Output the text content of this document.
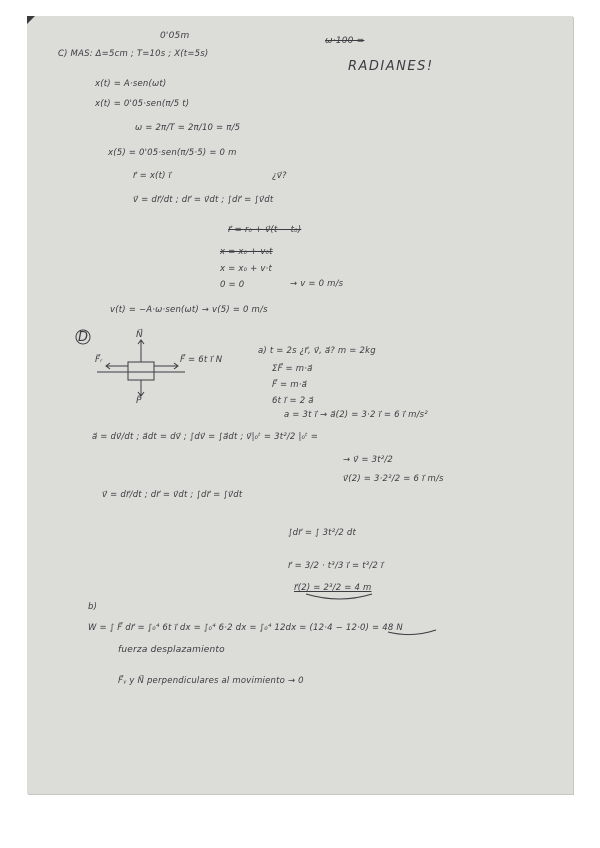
0'05m
C) MAS: Δ=5cm ; T=10s ; X(t=5s)
ω·100 =
RADIANES!
x(t) = A·sen(ωt)
x(t) = 0'05·sen(π/5 t)
ω = 2π/T = 2π/10 = π/5
x(5) = 0'05·sen(π/5·5) = 0 m
r⃗ = x(t) i⃗	¿v⃗?
v⃗ = dr⃗/dt ; dr⃗ = v⃗dt ; ∫dr⃗ = ∫v⃗dt
r⃗ = r₀ + v⃗(t − t₀)
x = x₀ + v₀t
x = x₀ + v·t
0 = 0	→ v = 0 m/s
v(t) = −A·ω·sen(ωt) → v(5) = 0 m/s
D
F⃗ᵣ	F⃗ = 6t i⃗ N
N⃗
P⃗
a) t = 2s ¿r⃗, v⃗, a⃗? m = 2kg
ΣF⃗ = m·a⃗
F⃗ = m·a⃗
6t i⃗ = 2 a⃗
a = 3t i⃗ → a⃗(2) = 3·2 i⃗ = 6 i⃗ m/s²
a⃗ = dv⃗/dt ; a⃗dt = dv⃗ ; ∫dv⃗ = ∫a⃗dt ; v⃗|₀ᵗ = 3t²/2 |₀ᵗ =
→ v⃗ = 3t²/2
v⃗(2) = 3·2²/2 = 6 i⃗ m/s
v⃗ = dr⃗/dt ; dr⃗ = v⃗dt ; ∫dr⃗ = ∫v⃗dt
∫dr⃗ = ∫ 3t²/2 dt
r⃗ = 3/2 · t³/3 i⃗ = t³/2 i⃗
r⃗(2) = 2³/2 = 4 m
b)
W = ∫ F⃗ dr⃗ = ∫₀⁴ 6t i⃗ dx = ∫₀⁴ 6·2 dx = ∫₀⁴ 12dx = (12·4 − 12·0) = 48 N
fuerza desplazamiento
F⃗ᵧ y N⃗ perpendiculares al movimiento → 0
